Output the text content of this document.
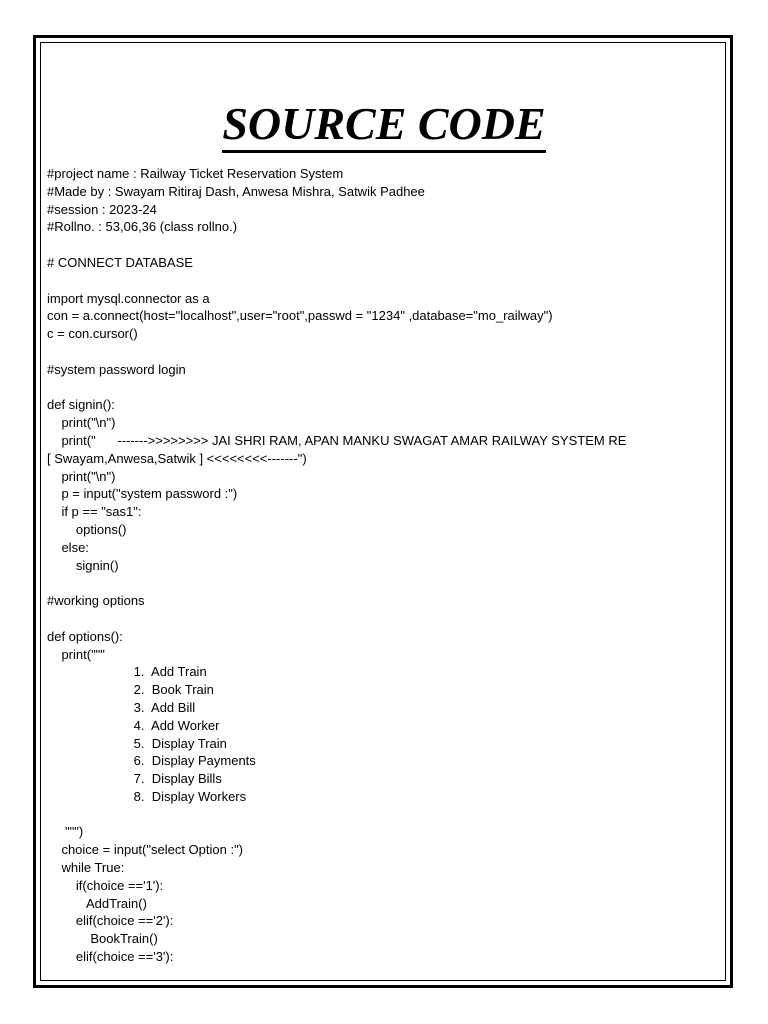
SOURCE CODE
#project name : Railway Ticket Reservation System
#Made by : Swayam Ritiraj Dash, Anwesa Mishra, Satwik Padhee
#session : 2023-24
#Rollno. : 53,06,36 (class rollno.)
# CONNECT DATABASE
import mysql.connector as a
con = a.connect(host="localhost",user="root",passwd = "1234" ,database="mo_railway")
c = con.cursor()
#system password login
def signin():
print("\n")
print("      ------->>>>>>>> JAI SHRI RAM, APAN MANKU SWAGAT AMAR RAILWAY SYSTEM RE
[ Swayam,Anwesa,Satwik ] <<<<<<<<-------")
print("\n")
p = input("system password :")
if p == "sas1":
options()
else:
signin()
#working options
def options():
print("""
1.  Add Train
2.  Book Train
3.  Add Bill
4.  Add Worker
5.  Display Train
6.  Display Payments
7.  Display Bills
8.  Display Workers
""")
choice = input("select Option :")
while True:
if(choice =='1'):
AddTrain()
elif(choice =='2'):
BookTrain()
elif(choice =='3'):
